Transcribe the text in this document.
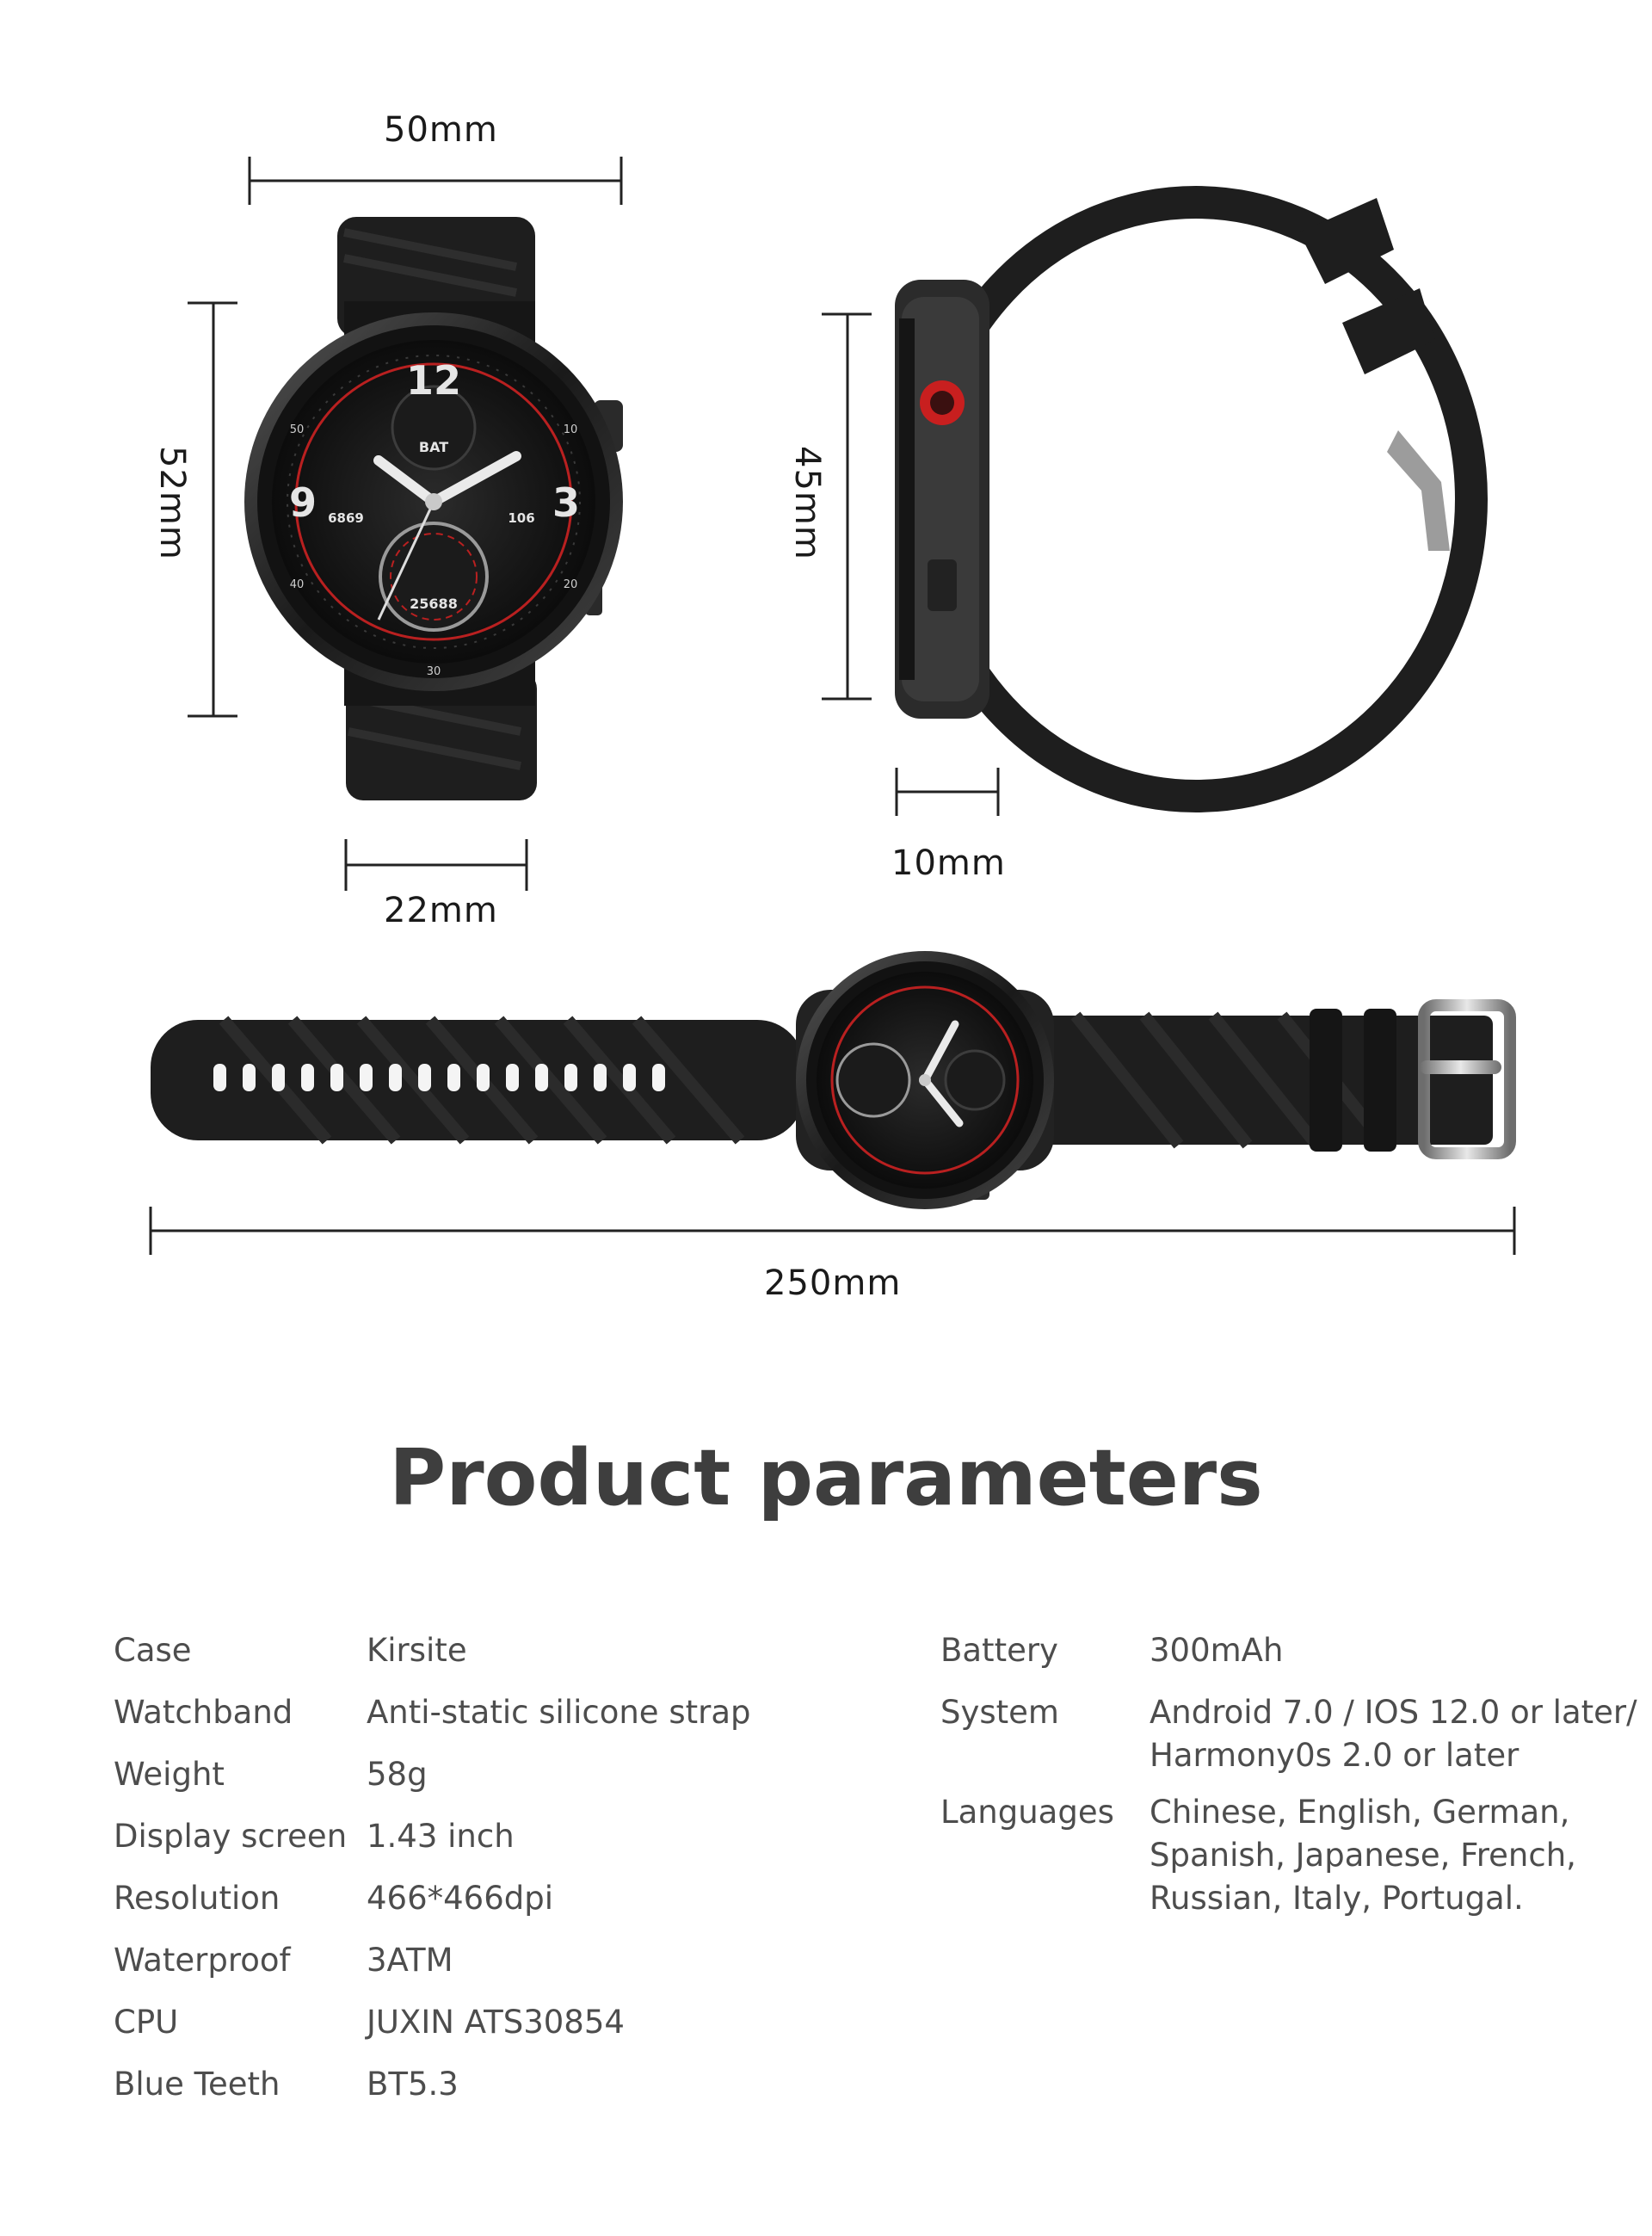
12
9	3
BAT
6869	106
25688
50	10
40	20
30
50mm
52mm
22mm
45mm
10mm
250mm
Product parameters
Case	Kirsite
Watchband Anti-static silicone strap
Weight	58g
Display screen 1.43 inch
Resolution	466*466dpi
Waterproof 3ATM
CPU	JUXIN ATS30854
Blue Teeth	BT5.3
Battery	300mAh
System	Android 7.0 / IOS 12.0 or later/
Harmony0s 2.0 or later
Languages Chinese, English, German,
Spanish, Japanese, French,
Russian, Italy, Portugal.
